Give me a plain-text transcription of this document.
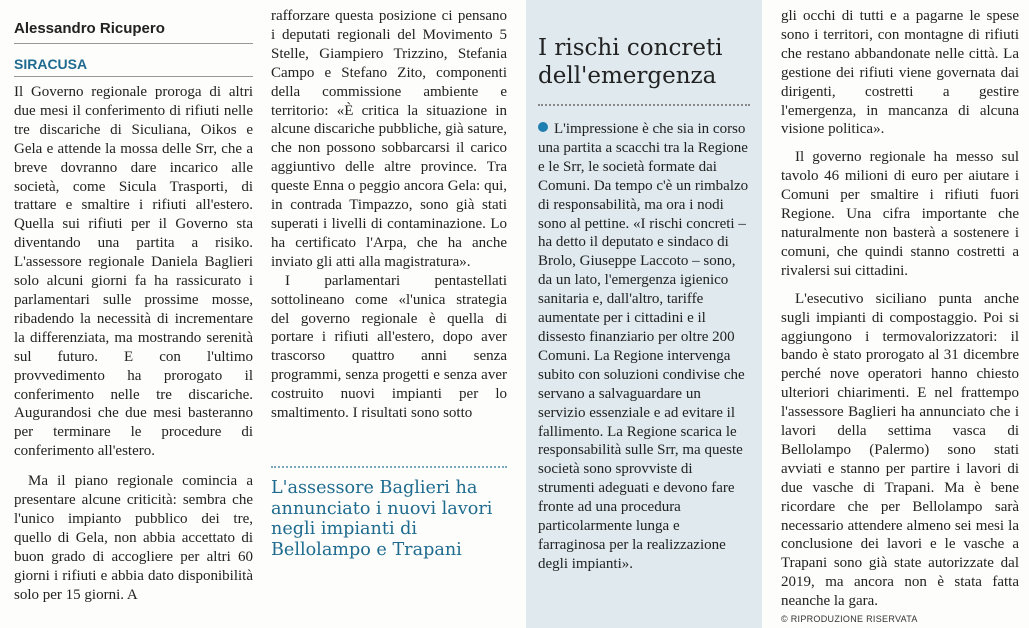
Alessandro Ricupero
SIRACUSA

Il Governo regionale proroga di altri due mesi il conferimento di rifiuti nelle tre discariche di Siculiana, Oikos e Gela e attende la mossa delle Srr, che a breve dovranno dare incarico alle società, come Sicula Trasporti, di trattare e smaltire i rifiuti all'estero. Quella sui rifiuti per il Governo sta diventando una partita a risiko. L'assessore regionale Daniela Baglieri solo alcuni giorni fa ha rassicurato i parlamentari sulle prossime mosse, ribadendo la necessità di incrementare la differenziata, ma mostrando serenità sul futuro. E con l'ultimo provvedimento ha prorogato il conferimento nelle tre discariche. Augurandosi che due mesi basteranno per terminare le procedure di conferimento all'estero.

Ma il piano regionale comincia a presentare alcune criticità: sembra che l'unico impianto pubblico dei tre, quello di Gela, non abbia accettato di buon grado di accogliere per altri 60 giorni i rifiuti e abbia dato disponibilità solo per 15 giorni. A

rafforzare questa posizione ci pensano i deputati regionali del Movimento 5 Stelle, Giampiero Trizzino, Stefania Campo e Stefano Zito, componenti della commissione ambiente e territorio: «È critica la situazione in alcune discariche pubbliche, già sature, che non possono sobbarcarsi il carico aggiuntivo delle altre province. Tra queste Enna o peggio ancora Gela: qui, in contrada Timpazzo, sono già stati superati i livelli di contaminazione. Lo ha certificato l'Arpa, che ha anche inviato gli atti alla magistratura».

I parlamentari pentastellati sottolineano come «l'unica strategia del governo regionale è quella di portare i rifiuti all'estero, dopo aver trascorso quattro anni senza programmi, senza progetti e senza aver costruito nuovi impianti per lo smaltimento. I risultati sono sotto

L'assessore Baglieri ha annunciato i nuovi lavori negli impianti di Bellolampo e Trapani
I rischi concreti dell'emergenza
L'impressione è che sia in corso una partita a scacchi tra la Regione e le Srr, le società formate dai Comuni. Da tempo c'è un rimbalzo di responsabilità, ma ora i nodi sono al pettine. «I rischi concreti – ha detto il deputato e sindaco di Brolo, Giuseppe Laccoto – sono, da un lato, l'emergenza igienico sanitaria e, dall'altro, tariffe aumentate per i cittadini e il dissesto finanziario per oltre 200 Comuni. La Regione intervenga subito con soluzioni condivise che servano a salvaguardare un servizio essenziale e ad evitare il fallimento. La Regione scarica le responsabilità sulle Srr, ma queste società sono sprovviste di strumenti adeguati e devono fare fronte ad una procedura particolarmente lunga e farraginosa per la realizzazione degli impianti».

gli occhi di tutti e a pagarne le spese sono i territori, con montagne di rifiuti che restano abbandonate nelle città. La gestione dei rifiuti viene governata dai dirigenti, costretti a gestire l'emergenza, in mancanza di alcuna visione politica».

Il governo regionale ha messo sul tavolo 46 milioni di euro per aiutare i Comuni per smaltire i rifiuti fuori Regione. Una cifra importante che naturalmente non basterà a sostenere i comuni, che quindi stanno costretti a rivalersi sui cittadini.

L'esecutivo siciliano punta anche sugli impianti di compostaggio. Poi si aggiungono i termovalorizzatori: il bando è stato prorogato al 31 dicembre perché nove operatori hanno chiesto ulteriori chiarimenti. E nel frattempo l'assessore Baglieri ha annunciato che i lavori della settima vasca di Bellolampo (Palermo) sono stati avviati e stanno per partire i lavori di due vasche di Trapani. Ma è bene ricordare che per Bellolampo sarà necessario attendere almeno sei mesi la conclusione dei lavori e le vasche a Trapani sono già state autorizzate dal 2019, ma ancora non è stata fatta neanche la gara.

© RIPRODUZIONE RISERVATA
